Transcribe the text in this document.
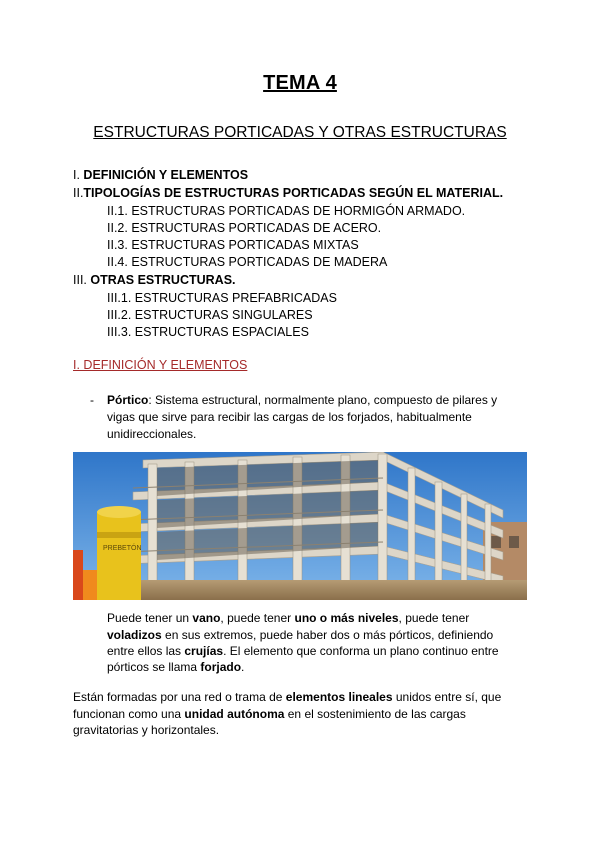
TEMA 4
ESTRUCTURAS PORTICADAS Y OTRAS ESTRUCTURAS
I. DEFINICIÓN Y ELEMENTOS
II.TIPOLOGÍAS DE ESTRUCTURAS PORTICADAS SEGÚN EL MATERIAL.
II.1. ESTRUCTURAS PORTICADAS DE HORMIGÓN ARMADO.
II.2. ESTRUCTURAS PORTICADAS DE ACERO.
II.3. ESTRUCTURAS PORTICADAS MIXTAS
II.4. ESTRUCTURAS PORTICADAS DE MADERA
III. OTRAS ESTRUCTURAS.
III.1. ESTRUCTURAS PREFABRICADAS
III.2. ESTRUCTURAS SINGULARES
III.3. ESTRUCTURAS ESPACIALES
I. DEFINICIÓN Y ELEMENTOS
- Pórtico: Sistema estructural, normalmente plano, compuesto de pilares y
vigas que sirve para recibir las cargas de los forjados, habitualmente
unidireccionales.
PREBETÓN
Puede tener un vano, puede tener uno o más niveles, puede tener
voladizos en sus extremos, puede haber dos o más pórticos, definiendo
entre ellos las crujías. El elemento que conforma un plano continuo entre
pórticos se llama forjado.
Están formadas por una red o trama de elementos lineales unidos entre sí, que
funcionan como una unidad autónoma en el sostenimiento de las cargas
gravitatorias y horizontales.
